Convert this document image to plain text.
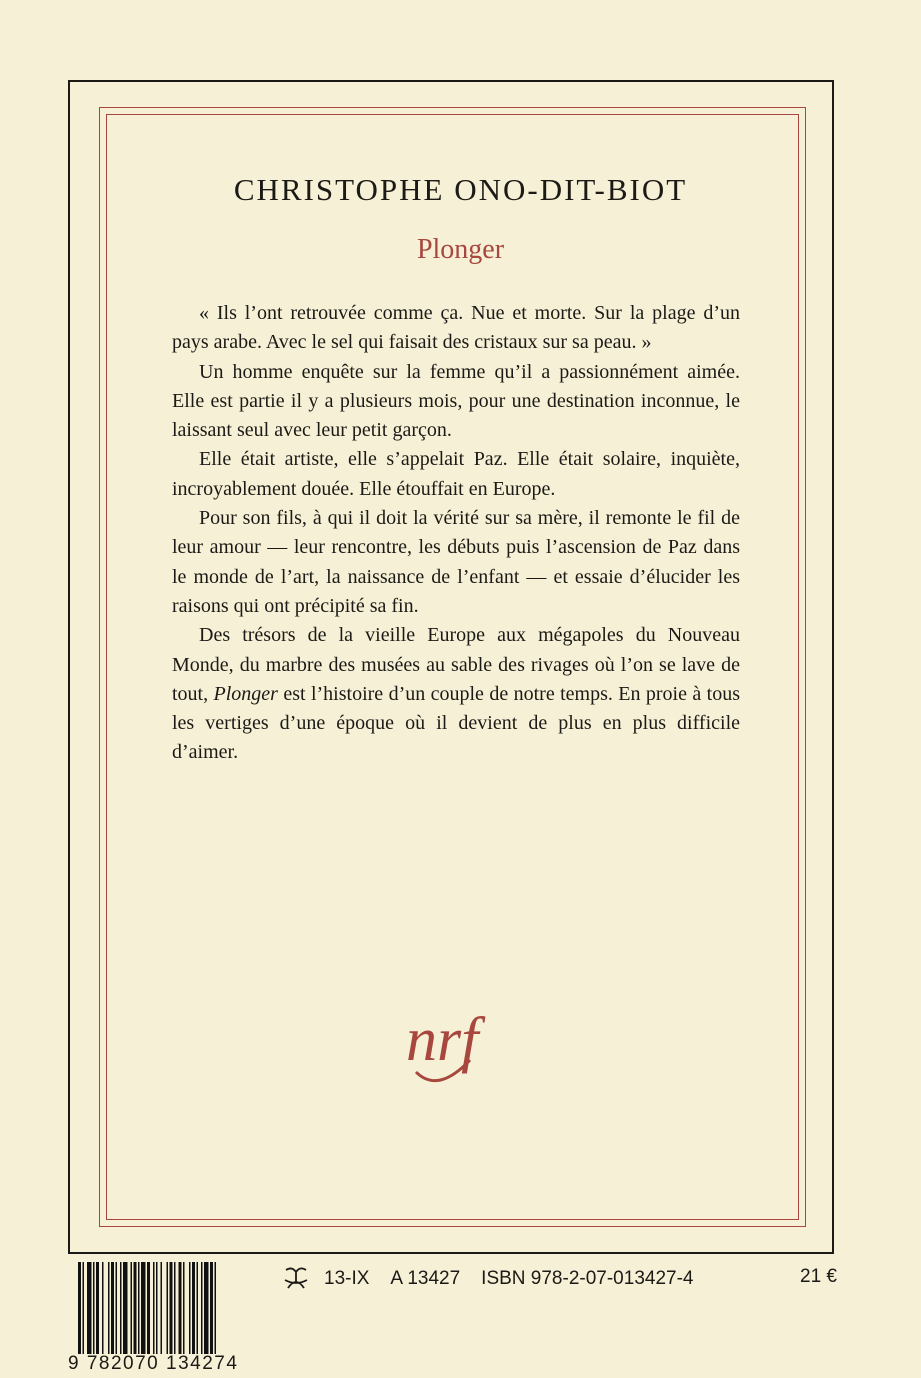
CHRISTOPHE ONO-DIT-BIOT
Plonger
« Ils l’ont retrouvée comme ça. Nue et morte. Sur la plage d’un pays arabe. Avec le sel qui faisait des cristaux sur sa peau. »
Un homme enquête sur la femme qu’il a passionnément aimée. Elle est partie il y a plusieurs mois, pour une destination inconnue, le laissant seul avec leur petit garçon.
Elle était artiste, elle s’appelait Paz. Elle était solaire, inquiète, incroyablement douée. Elle étouffait en Europe.
Pour son fils, à qui il doit la vérité sur sa mère, il remonte le fil de leur amour — leur rencontre, les débuts puis l’ascension de Paz dans le monde de l’art, la naissance de l’enfant — et essaie d’élucider les raisons qui ont précipité sa fin.
Des trésors de la vieille Europe aux mégapoles du Nouveau Monde, du marbre des musées au sable des rivages où l’on se lave de tout, Plonger est l’histoire d’un couple de notre temps. En proie à tous les vertiges d’une époque où il devient de plus en plus difficile d’aimer.
nrf
9 782070 134274
13-IX A 13427 ISBN 978-2-07-013427-4	21 €
